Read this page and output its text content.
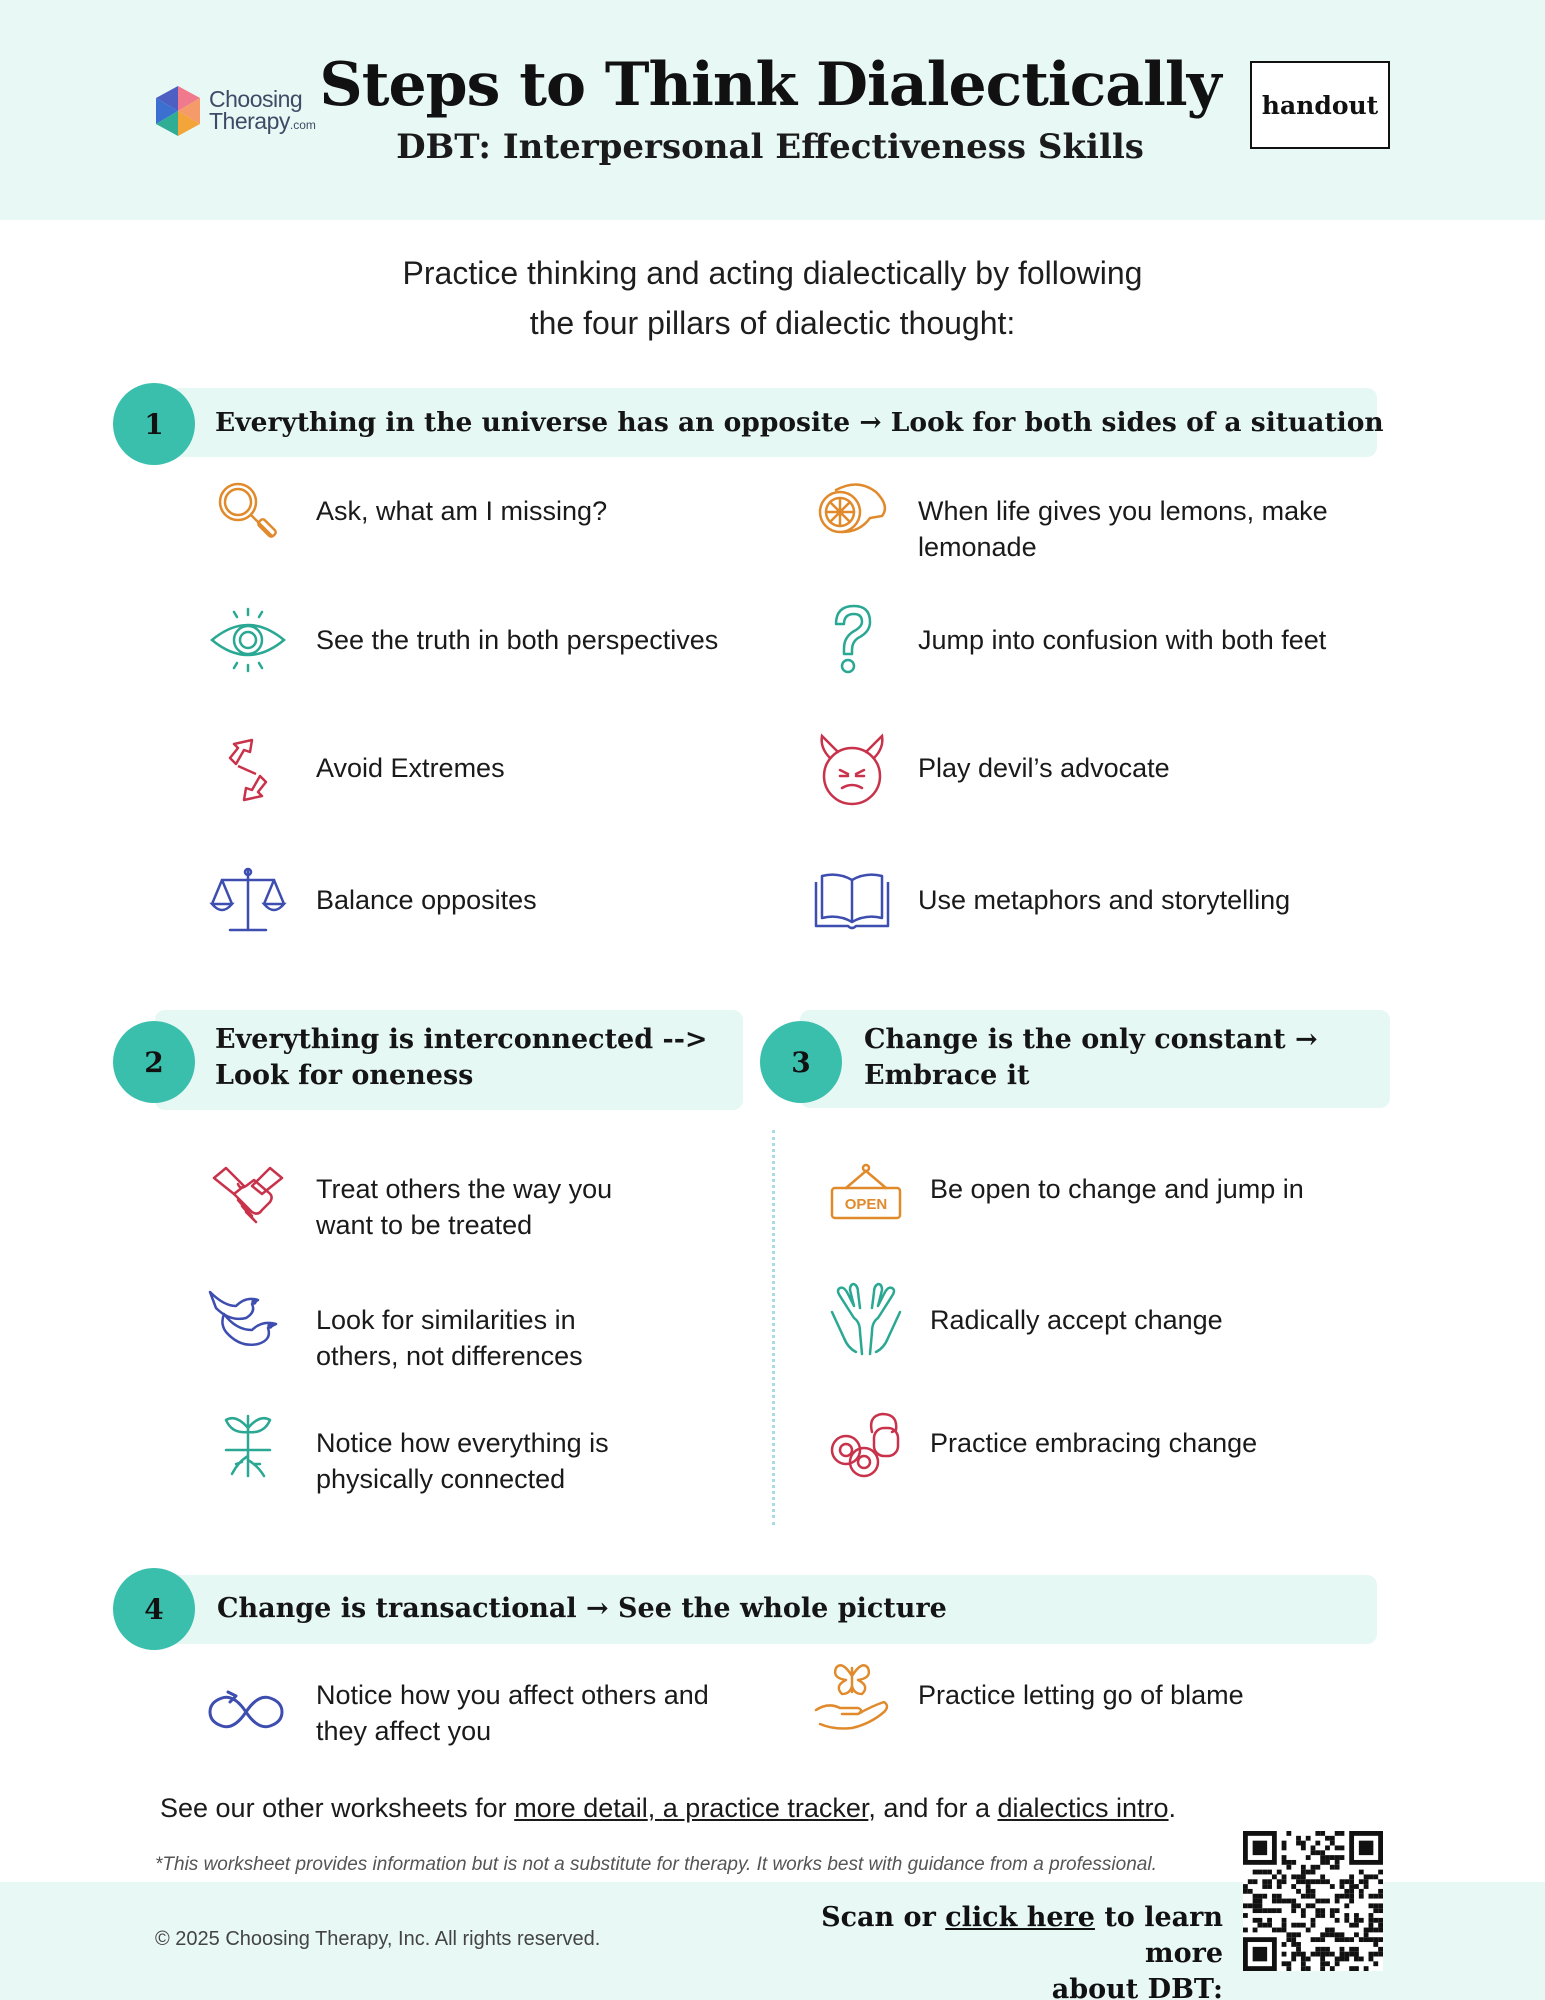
Choosing
Therapy.com
Steps to Think Dialectically
DBT: Interpersonal Effectiveness Skills
handout
Practice thinking and acting dialectically by following
the four pillars of dialectic thought:
1	Everything in the universe has an opposite → Look for both sides of a situation
Ask, what am I missing?
See the truth in both perspectives
Avoid Extremes
Balance opposites
When life gives you lemons, make
lemonade
Jump into confusion with both feet
Play devil’s advocate
Use metaphors and storytelling
2
Everything is interconnected -->
Look for oneness	3
Change is the only constant →
Embrace it
Treat others the way you
want to be treated
Look for similarities in
others, not differences
Notice how everything is
physically connected
OPEN
Be open to change and jump in
Radically accept change
Practice embracing change
4	Change is transactional → See the whole picture
Notice how you affect others and
they affect you
Practice letting go of blame
See our other worksheets for more detail, a practice tracker, and for a dialectics intro.
*This worksheet provides information but is not a substitute for therapy. It works best with guidance from a professional.
© 2025 Choosing Therapy, Inc. All rights reserved.
Scan or click here to learn more
about DBT:
